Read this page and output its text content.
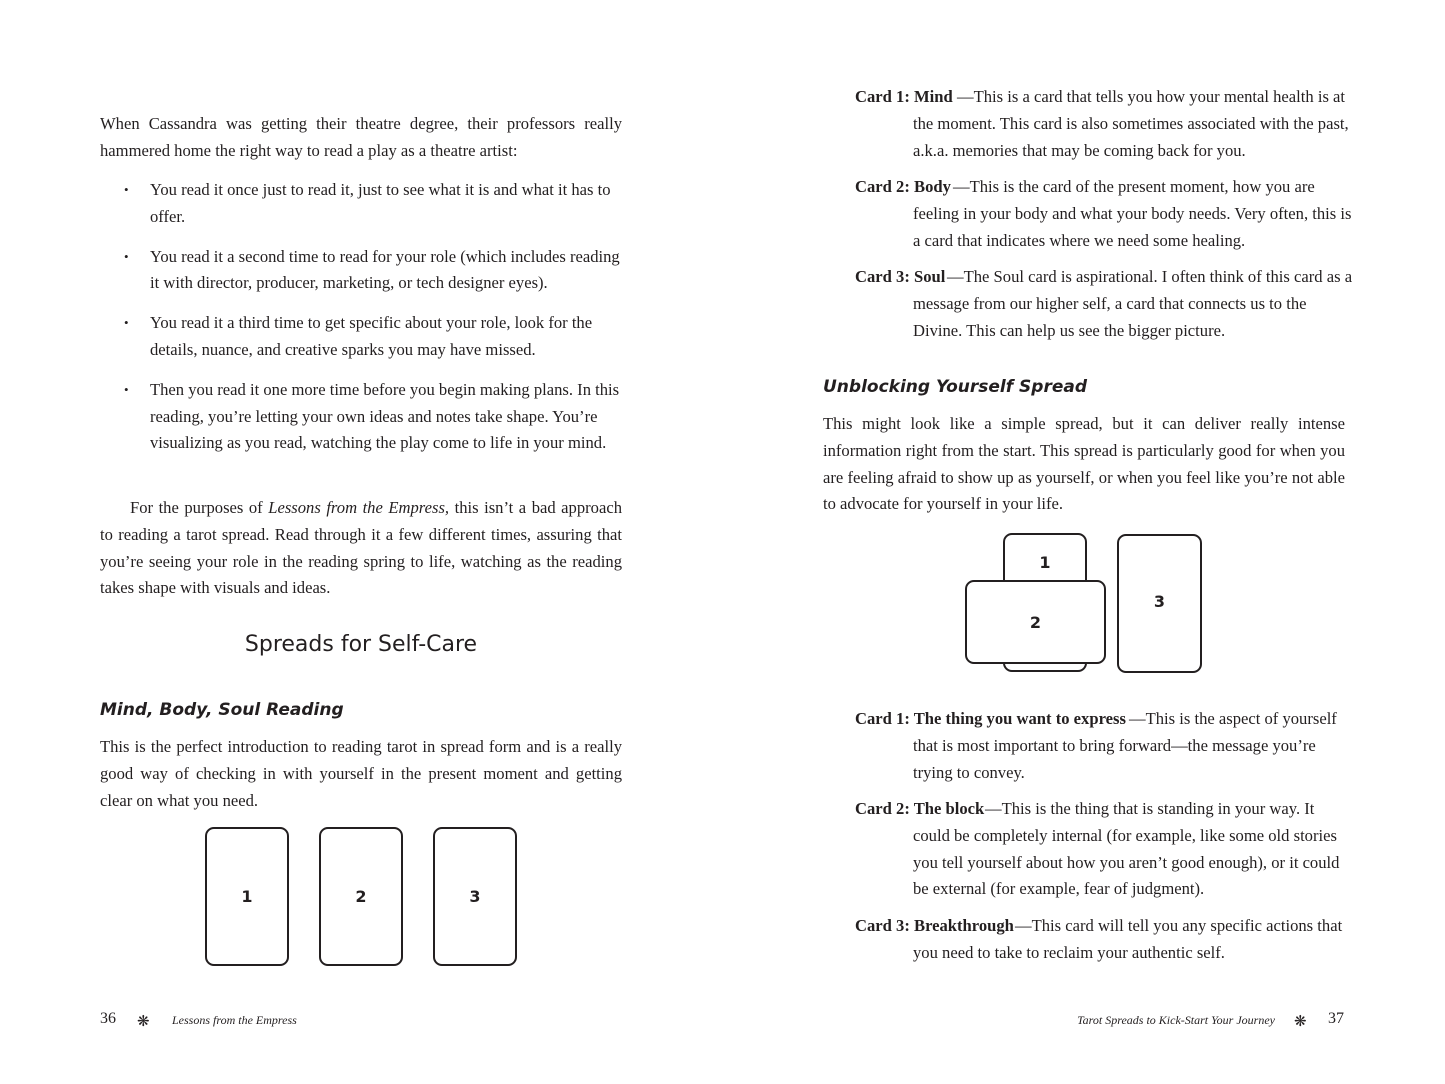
When Cassandra was getting their theatre degree, their professors really hammered home the right way to read a play as a theatre artist:

• You read it once just to read it, just to see what it is and what it has to offer.
• You read it a second time to read for your role (which includes reading it with director, producer, marketing, or tech designer eyes).
• You read it a third time to get specific about your role, look for the details, nuance, and creative sparks you may have missed.
• Then you read it one more time before you begin making plans. In this reading, you’re letting your own ideas and notes take shape. You’re visualizing as you read, watching the play come to life in your mind.

For the purposes of Lessons from the Empress, this isn’t a bad approach to reading a tarot spread. Read through it a few different times, assuring that you’re seeing your role in the reading spring to life, watching as the reading takes shape with visuals and ideas.

Spreads for Self-Care
Mind, Body, Soul Reading

This is the perfect introduction to reading tarot in spread form and is a really good way of checking in with yourself in the present moment and getting clear on what you need.

1	2	3
36 ❋ Lessons from the Empress
Card 1: Mind —This is a card that tells you how your mental health is at the moment. This card is also sometimes associated with the past, a.k.a. memories that may be coming back for you.
Card 2: Body —This is the card of the present moment, how you are feeling in your body and what your body needs. Very often, this is a card that indicates where we need some healing.
Card 3: Soul —The Soul card is aspirational. I often think of this card as a message from our higher self, a card that connects us to the Divine. This can help us see the bigger picture.
Unblocking Yourself Spread

This might look like a simple spread, but it can deliver really intense information right from the start. This spread is particularly good for when you are feeling afraid to show up as yourself, or when you feel like you’re not able to advocate for yourself in your life.

1
2
3
Card 1: The thing you want to express —This is the aspect of yourself that is most important to bring forward—the message you’re trying to convey.
Card 2: The block —This is the thing that is standing in your way. It could be completely internal (for example, like some old stories you tell yourself about how you aren’t good enough), or it could be external (for example, fear of judgment).
Card 3: Breakthrough —This card will tell you any specific actions that you need to take to reclaim your authentic self.
Tarot Spreads to Kick-Start Your Journey ❋ 37
